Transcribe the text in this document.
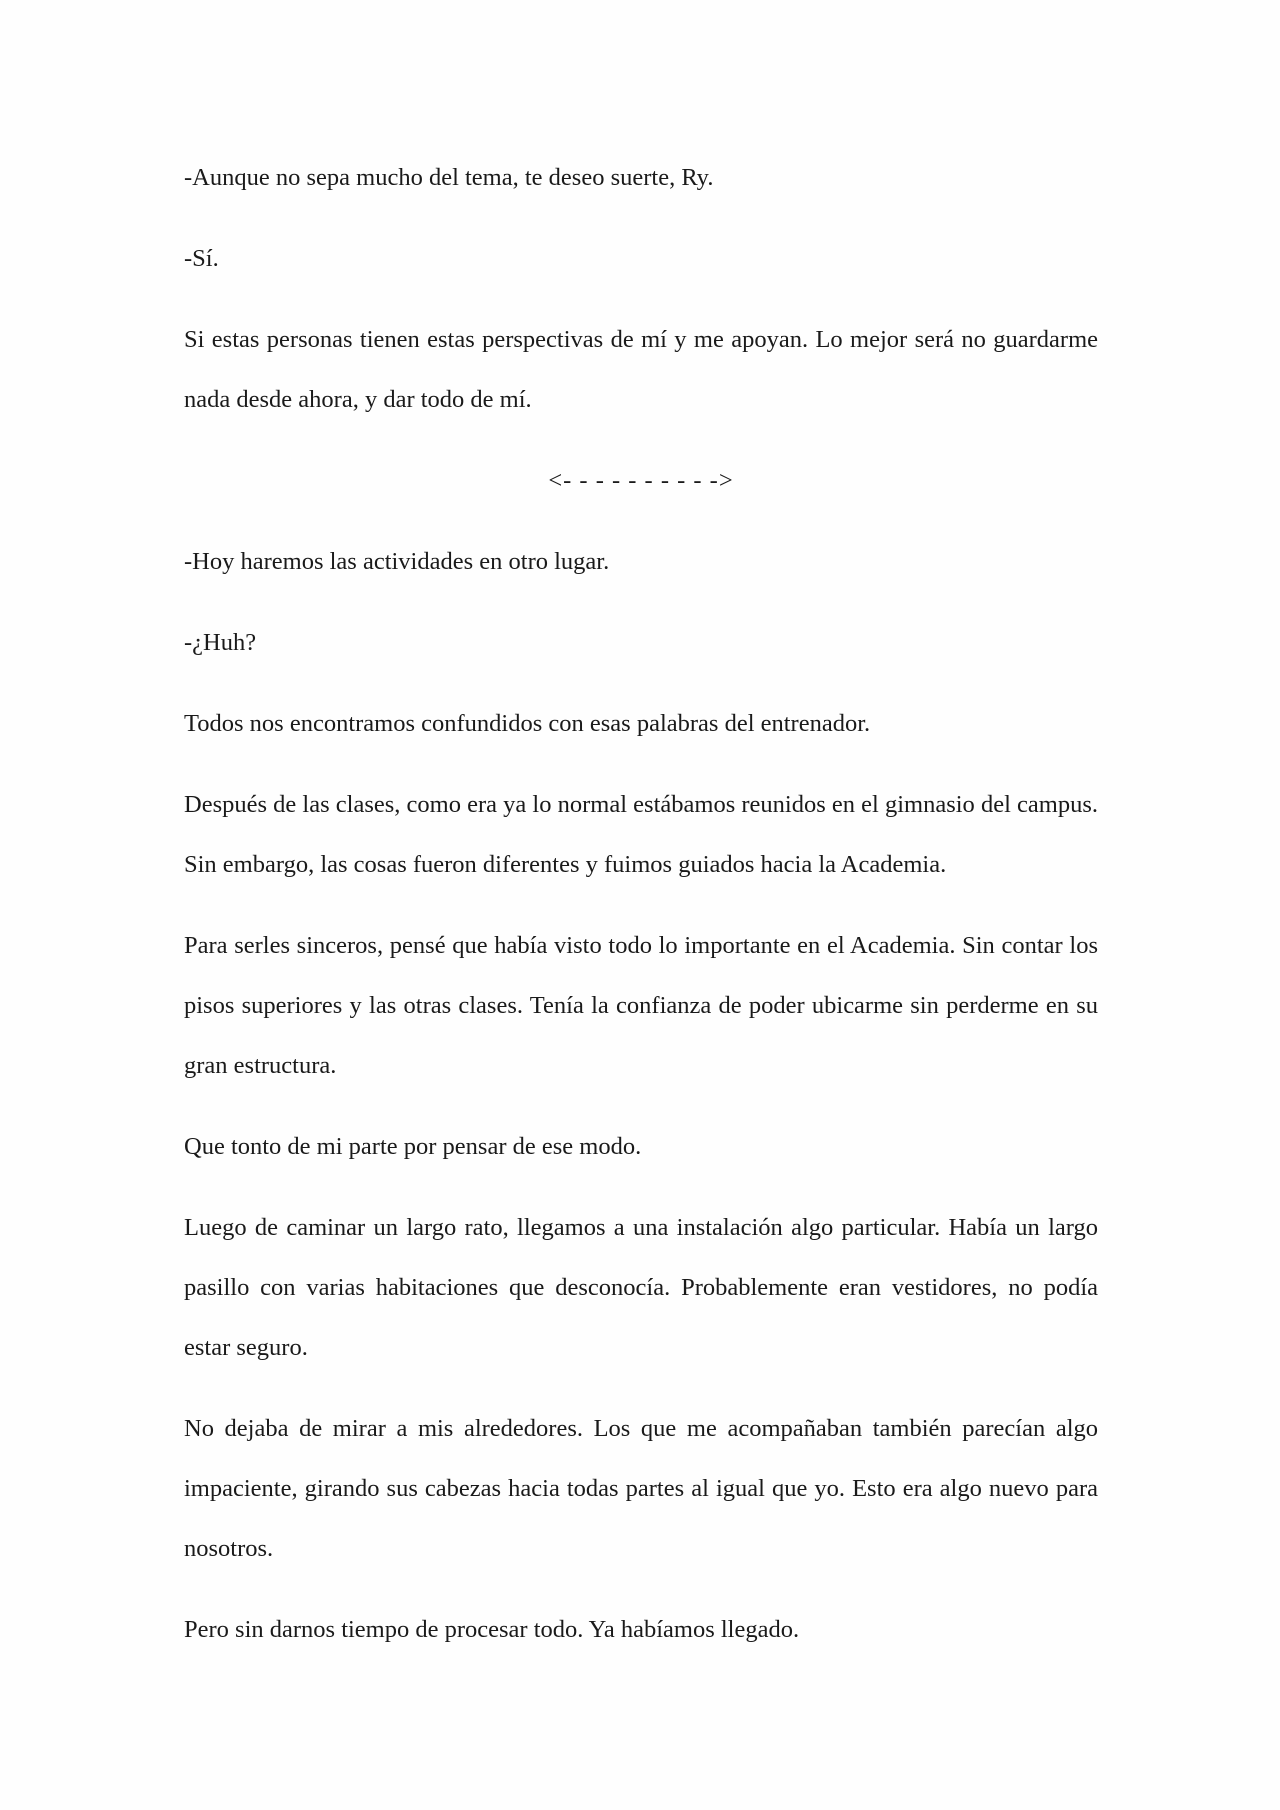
-Aunque no sepa mucho del tema, te deseo suerte, Ry.

-Sí.

Si estas personas tienen estas perspectivas de mí y me apoyan. Lo mejor será no guardarme nada desde ahora, y dar todo de mí.

<- - - - - - - - - ->

-Hoy haremos las actividades en otro lugar.

-¿Huh?

Todos nos encontramos confundidos con esas palabras del entrenador.

Después de las clases, como era ya lo normal estábamos reunidos en el gimnasio del campus. Sin embargo, las cosas fueron diferentes y fuimos guiados hacia la Academia.

Para serles sinceros, pensé que había visto todo lo importante en el Academia. Sin contar los pisos superiores y las otras clases. Tenía la confianza de poder ubicarme sin perderme en su gran estructura.

Que tonto de mi parte por pensar de ese modo.

Luego de caminar un largo rato, llegamos a una instalación algo particular. Había un largo pasillo con varias habitaciones que desconocía. Probablemente eran vestidores, no podía estar seguro.

No dejaba de mirar a mis alrededores. Los que me acompañaban también parecían algo impaciente, girando sus cabezas hacia todas partes al igual que yo. Esto era algo nuevo para nosotros.

Pero sin darnos tiempo de procesar todo. Ya habíamos llegado.
